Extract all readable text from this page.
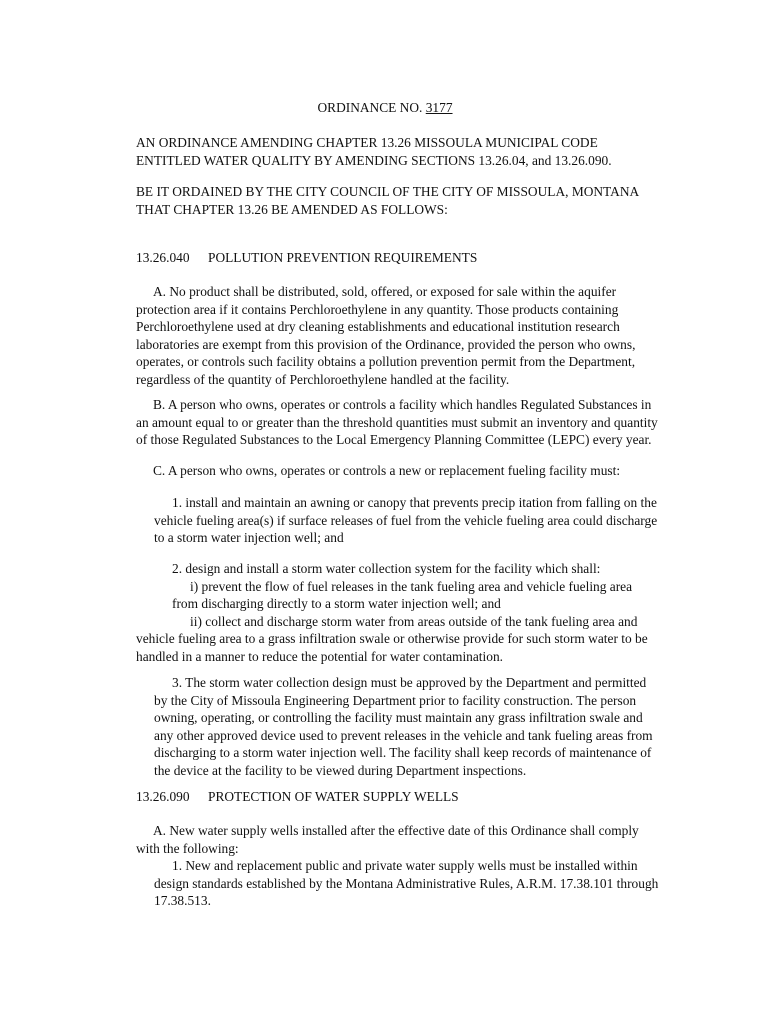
ORDINANCE NO. 3177
AN ORDINANCE AMENDING CHAPTER 13.26 MISSOULA MUNICIPAL CODE
ENTITLED WATER QUALITY BY AMENDING SECTIONS 13.26.04, and 13.26.090.
BE IT ORDAINED BY THE CITY COUNCIL OF THE CITY OF MISSOULA, MONTANA
THAT CHAPTER 13.26 BE AMENDED AS FOLLOWS:
13.26.040 POLLUTION PREVENTION REQUIREMENTS
A. No product shall be distributed, sold, offered, or exposed for sale within the aquifer
protection area if it contains Perchloroethylene in any quantity. Those products containing
Perchloroethylene used at dry cleaning establishments and educational institution research
laboratories are exempt from this provision of the Ordinance, provided the person who owns,
operates, or controls such facility obtains a pollution prevention permit from the Department,
regardless of the quantity of Perchloroethylene handled at the facility.
B. A person who owns, operates or controls a facility which handles Regulated Substances in
an amount equal to or greater than the threshold quantities must submit an inventory and quantity
of those Regulated Substances to the Local Emergency Planning Committee (LEPC) every year.
C. A person who owns, operates or controls a new or replacement fueling facility must:
1. install and maintain an awning or canopy that prevents precip itation from falling on the
vehicle fueling area(s) if surface releases of fuel from the vehicle fueling area could discharge
to a storm water injection well; and
2. design and install a storm water collection system for the facility which shall:
i) prevent the flow of fuel releases in the tank fueling area and vehicle fueling area
from discharging directly to a storm water injection well; and
ii) collect and discharge storm water from areas outside of the tank fueling area and
vehicle fueling area to a grass infiltration swale or otherwise provide for such storm water to be
handled in a manner to reduce the potential for water contamination.
3. The storm water collection design must be approved by the Department and permitted
by the City of Missoula Engineering Department prior to facility construction. The person
owning, operating, or controlling the facility must maintain any grass infiltration swale and
any other approved device used to prevent releases in the vehicle and tank fueling areas from
discharging to a storm water injection well. The facility shall keep records of maintenance of
the device at the facility to be viewed during Department inspections.
13.26.090 PROTECTION OF WATER SUPPLY WELLS
A. New water supply wells installed after the effective date of this Ordinance shall comply
with the following:
1. New and replacement public and private water supply wells must be installed within
design standards established by the Montana Administrative Rules, A.R.M. 17.38.101 through
17.38.513.
